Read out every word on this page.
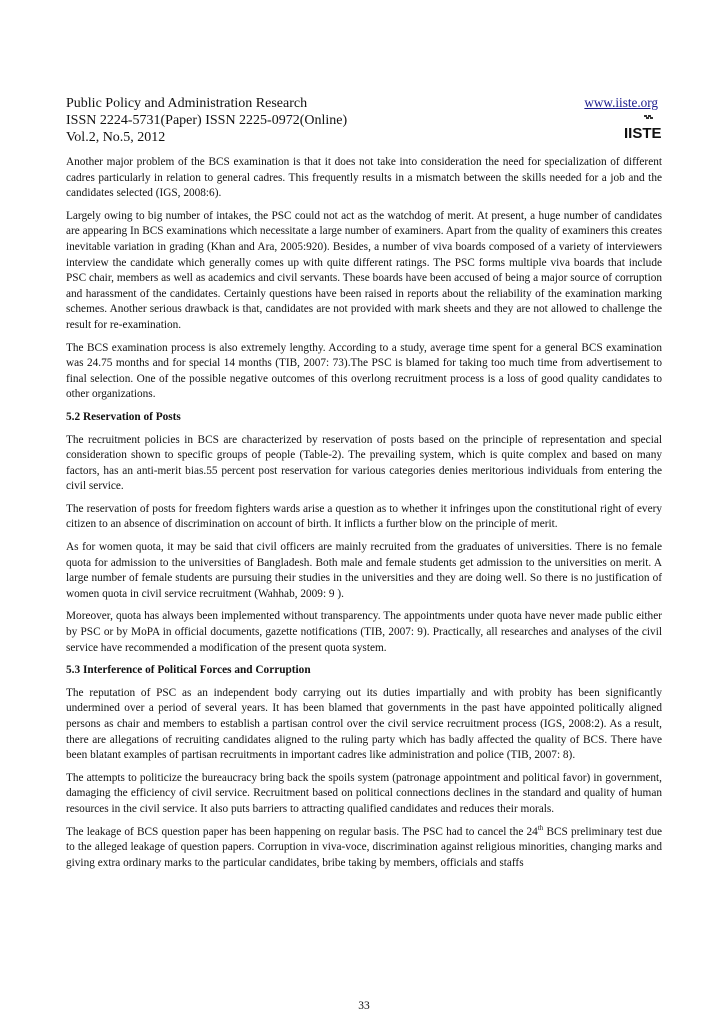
Public Policy and Administration Research	www.iiste.org
ISSN 2224-5731(Paper) ISSN 2225-0972(Online)
Vol.2, No.5, 2012	IISTE

Another major problem of the BCS examination is that it does not take into consideration the need for specialization of different cadres particularly in relation to general cadres. This frequently results in a mismatch between the skills needed for a job and the candidates selected (IGS, 2008:6).

Largely owing to big number of intakes, the PSC could not act as the watchdog of merit. At present, a huge number of candidates are appearing In BCS examinations which necessitate a large number of examiners. Apart from the quality of examiners this creates inevitable variation in grading (Khan and Ara, 2005:920). Besides, a number of viva boards composed of a variety of interviewers interview the candidate which generally comes up with quite different ratings. The PSC forms multiple viva boards that include PSC chair, members as well as academics and civil servants. These boards have been accused of being a major source of corruption and harassment of the candidates. Certainly questions have been raised in reports about the reliability of the examination marking schemes. Another serious drawback is that, candidates are not provided with mark sheets and they are not allowed to challenge the result for re-examination.

The BCS examination process is also extremely lengthy. According to a study, average time spent for a general BCS examination was 24.75 months and for special 14 months (TIB, 2007: 73).The PSC is blamed for taking too much time from advertisement to final selection. One of the possible negative outcomes of this overlong recruitment process is a loss of good quality candidates to other organizations.

5.2 Reservation of Posts

The recruitment policies in BCS are characterized by reservation of posts based on the principle of representation and special consideration shown to specific groups of people (Table-2). The prevailing system, which is quite complex and based on many factors, has an anti-merit bias.55 percent post reservation for various categories denies meritorious individuals from entering the civil service.

The reservation of posts for freedom fighters wards arise a question as to whether it infringes upon the constitutional right of every citizen to an absence of discrimination on account of birth. It inflicts a further blow on the principle of merit.

As for women quota, it may be said that civil officers are mainly recruited from the graduates of universities. There is no female quota for admission to the universities of Bangladesh. Both male and female students get admission to the universities on merit. A large number of female students are pursuing their studies in the universities and they are doing well. So there is no justification of women quota in civil service recruitment (Wahhab, 2009: 9 ).

Moreover, quota has always been implemented without transparency. The appointments under quota have never made public either by PSC or by MoPA in official documents, gazette notifications (TIB, 2007: 9). Practically, all researches and analyses of the civil service have recommended a modification of the present quota system.

5.3 Interference of Political Forces and Corruption

The reputation of PSC as an independent body carrying out its duties impartially and with probity has been significantly undermined over a period of several years. It has been blamed that governments in the past have appointed politically aligned persons as chair and members to establish a partisan control over the civil service recruitment process (IGS, 2008:2). As a result, there are allegations of recruiting candidates aligned to the ruling party which has badly affected the quality of BCS. There have been blatant examples of partisan recruitments in important cadres like administration and police (TIB, 2007: 8).

The attempts to politicize the bureaucracy bring back the spoils system (patronage appointment and political favor) in government, damaging the efficiency of civil service. Recruitment based on political connections declines in the standard and quality of human resources in the civil service. It also puts barriers to attracting qualified candidates and reduces their morals.

The leakage of BCS question paper has been happening on regular basis. The PSC had to cancel the 24th BCS preliminary test due to the alleged leakage of question papers. Corruption in viva-voce, discrimination against religious minorities, changing marks and giving extra ordinary marks to the particular candidates, bribe taking by members, officials and staffs

33
